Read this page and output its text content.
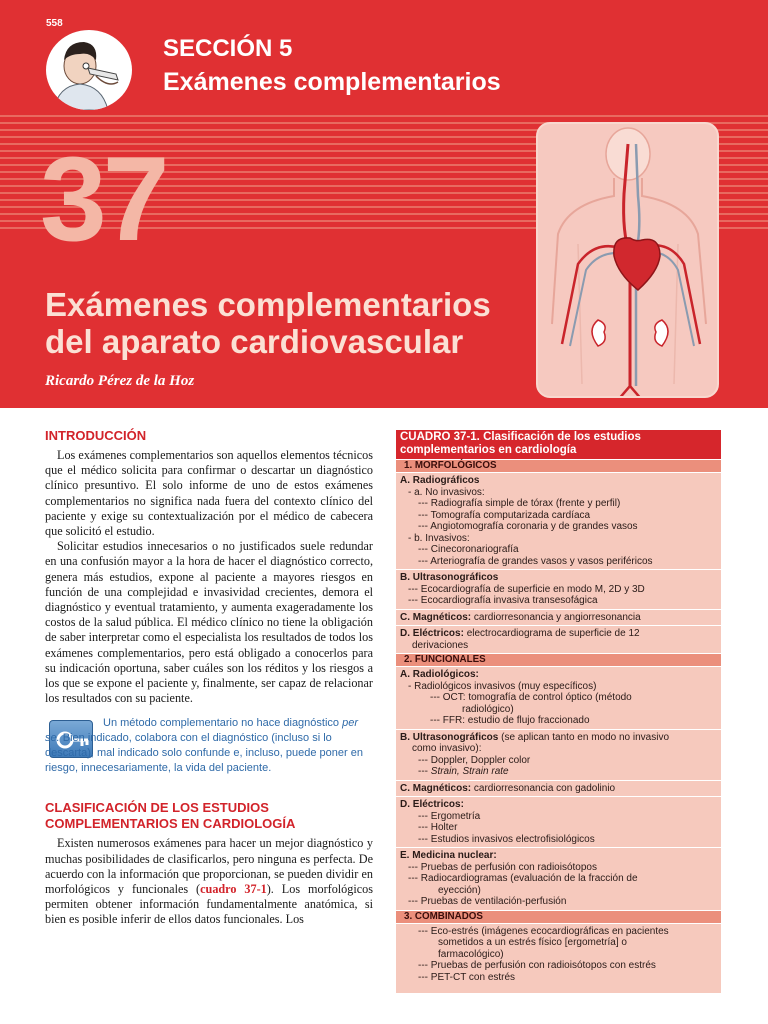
558
SECCIÓN 5
Exámenes complementarios
37
Exámenes complementarios
del aparato cardiovascular
Ricardo Pérez de la Hoz
INTRODUCCIÓN

Los exámenes complementarios son aquellos elementos técnicos que el médico solicita para confirmar o descartar un diagnóstico clínico presuntivo. El solo informe de uno de estos exámenes complementarios no significa nada fuera del contexto clínico del paciente y exige su contextualización por el médico de cabecera que solicitó el estudio.

Solicitar estudios innecesarios o no justificados suele redundar en una confusión mayor a la hora de hacer el diagnóstico correcto, genera más estudios, expone al paciente a mayores riesgos en función de una complejidad e invasividad crecientes, demora el diagnóstico y eventual tratamiento, y aumenta exageradamente los costos de la salud pública. El médico clínico no tiene la obligación de saber interpretar como el especialista los resultados de todos los exámenes complementarios, pero está obligado a conocerlos para su indicación oportuna, saber cuáles son los réditos y los riesgos a los que se expone el paciente y, finalmente, ser capaz de relacionar los resultados con su paciente.

Un método complementario no hace diagnóstico per se. Bien indicado, colabora con el diagnóstico (incluso si lo descarta), mal indicado solo confunde e, incluso, puede poner en riesgo, innecesariamente, la vida del paciente.
CLASIFICACIÓN DE LOS ESTUDIOS
COMPLEMENTARIOS EN CARDIOLOGÍA

Existen numerosos exámenes para hacer un mejor diagnóstico y muchas posibilidades de clasificarlos, pero ninguna es perfecta. De acuerdo con la información que proporcionan, se pueden dividir en morfológicos y funcionales (cuadro 37-1). Los morfológicos permiten obtener información fundamentalmente anatómica, si bien es posible inferir de ellos datos funcionales. Los

CUADRO 37-1. Clasificación de los estudios
complementarios en cardiología
1. MORFOLÓGICOS
A. Radiográficos
- a. No invasivos:
--- Radiografía simple de tórax (frente y perfil)
--- Tomografía computarizada cardíaca
--- Angiotomografía coronaria y de grandes vasos
- b. Invasivos:
--- Cinecoronariografía
--- Arteriografía de grandes vasos y vasos periféricos
B. Ultrasonográficos
--- Ecocardiografía de superficie en modo M, 2D y 3D
--- Ecocardiografía invasiva transesofágica
C. Magnéticos: cardiorresonancia y angiorresonancia
D. Eléctricos: electrocardiograma de superficie de 12
derivaciones
2. FUNCIONALES
A. Radiológicos:
- Radiológicos invasivos (muy específicos)
--- OCT: tomografía de control óptico (método
radiológico)
--- FFR: estudio de flujo fraccionado
B. Ultrasonográficos (se aplican tanto en modo no invasivo
como invasivo):
--- Doppler, Doppler color
--- Strain, Strain rate
C. Magnéticos: cardiorresonancia con gadolinio
D. Eléctricos:
--- Ergometría
--- Holter
--- Estudios invasivos electrofisiológicos
E. Medicina nuclear:
--- Pruebas de perfusión con radioisótopos
--- Radiocardiogramas (evaluación de la fracción de
eyección)
--- Pruebas de ventilación-perfusión
3. COMBINADOS
--- Eco-estrés (imágenes ecocardiográficas en pacientes
sometidos a un estrés físico [ergometría] o
farmacológico)
--- Pruebas de perfusión con radioisótopos con estrés
--- PET-CT con estrés
